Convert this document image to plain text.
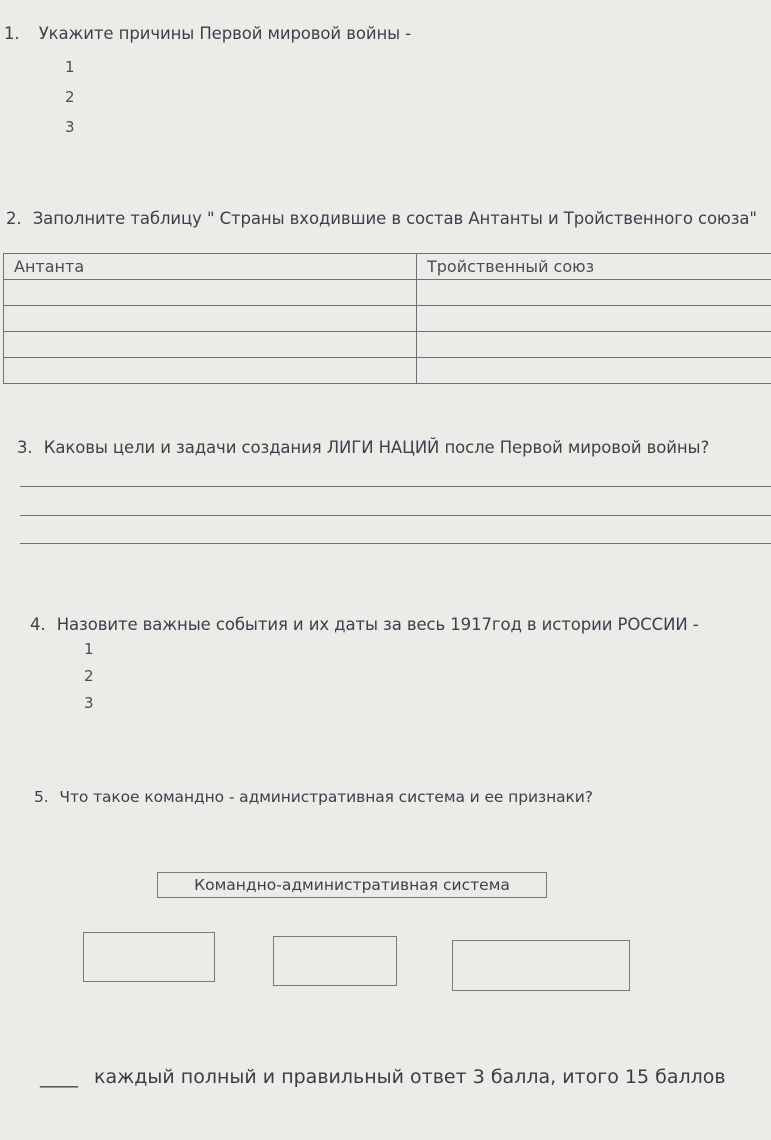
1. Укажите причины Первой мировой войны -
1
2
3
2. Заполните таблицу " Страны входившие в состав Антанты и Тройственного союза"
Антанта	Тройственный союз

3. Каковы цели и задачи создания ЛИГИ НАЦИЙ после Первой мировой войны?
4. Назовите важные события и их даты за весь 1917год в истории РОССИИ -
1
2
3
5. Что такое командно - административная система и ее признаки?
Командно-административная система
____ каждый полный и правильный ответ 3 балла, итого 15 баллов
